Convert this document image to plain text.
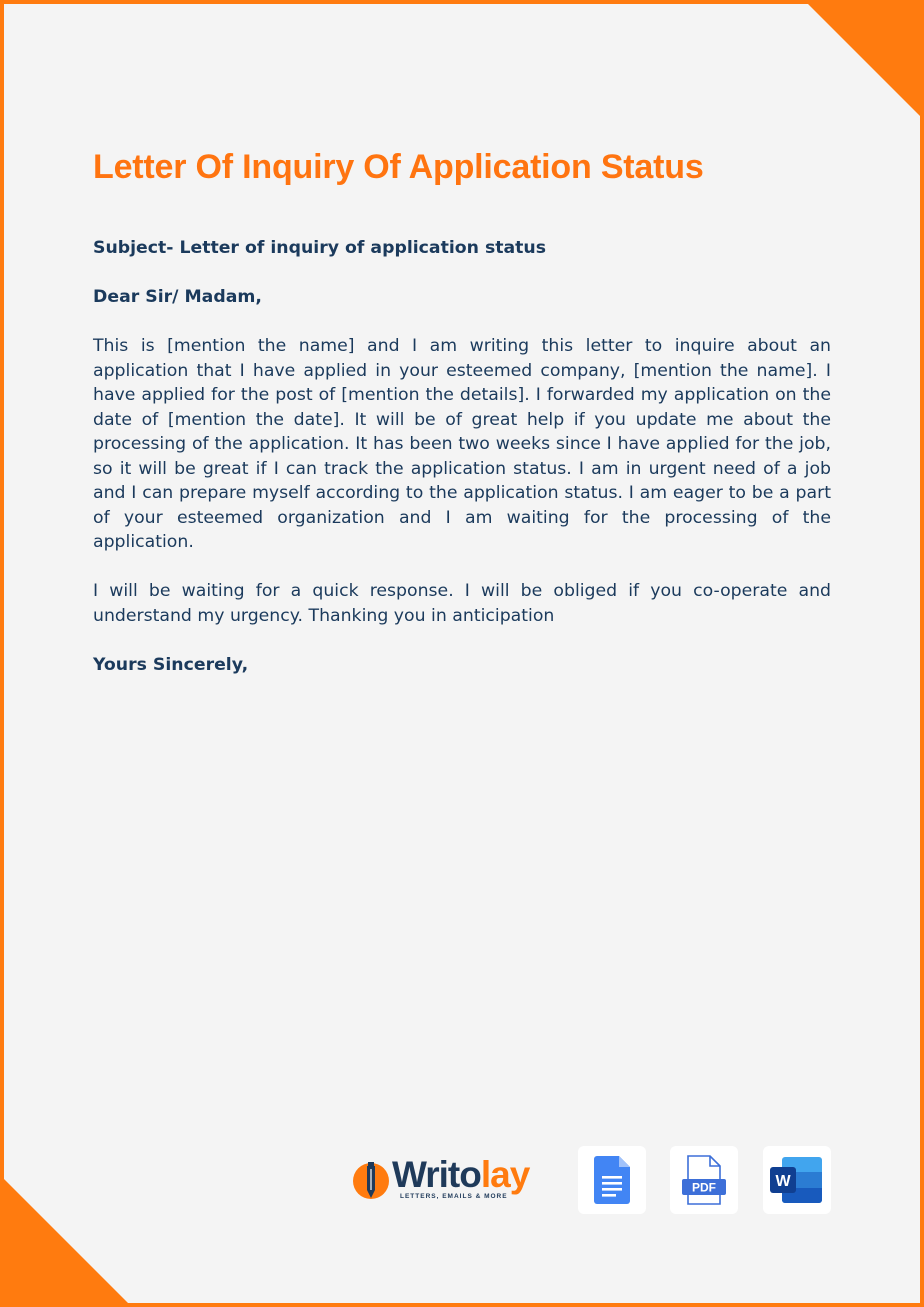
Letter Of Inquiry Of Application Status

Subject- Letter of inquiry of application status

Dear Sir/ Madam,

This is [mention the name] and I am writing this letter to inquire about an application that I have applied in your esteemed company, [mention the name]. I have applied for the post of [mention the details]. I forwarded my application on the date of [mention the date]. It will be of great help if you update me about the processing of the application. It has been two weeks since I have applied for the job, so it will be great if I can track the application status. I am in urgent need of a job and I can prepare myself according to the application status. I am eager to be a part of your esteemed organization and I am waiting for the processing of the application.

I will be waiting for a quick response. I will be obliged if you co-operate and understand my urgency. Thanking you in anticipation

Yours Sincerely,

Writolay
LETTERS, EMAILS & MORE
PDF	W
